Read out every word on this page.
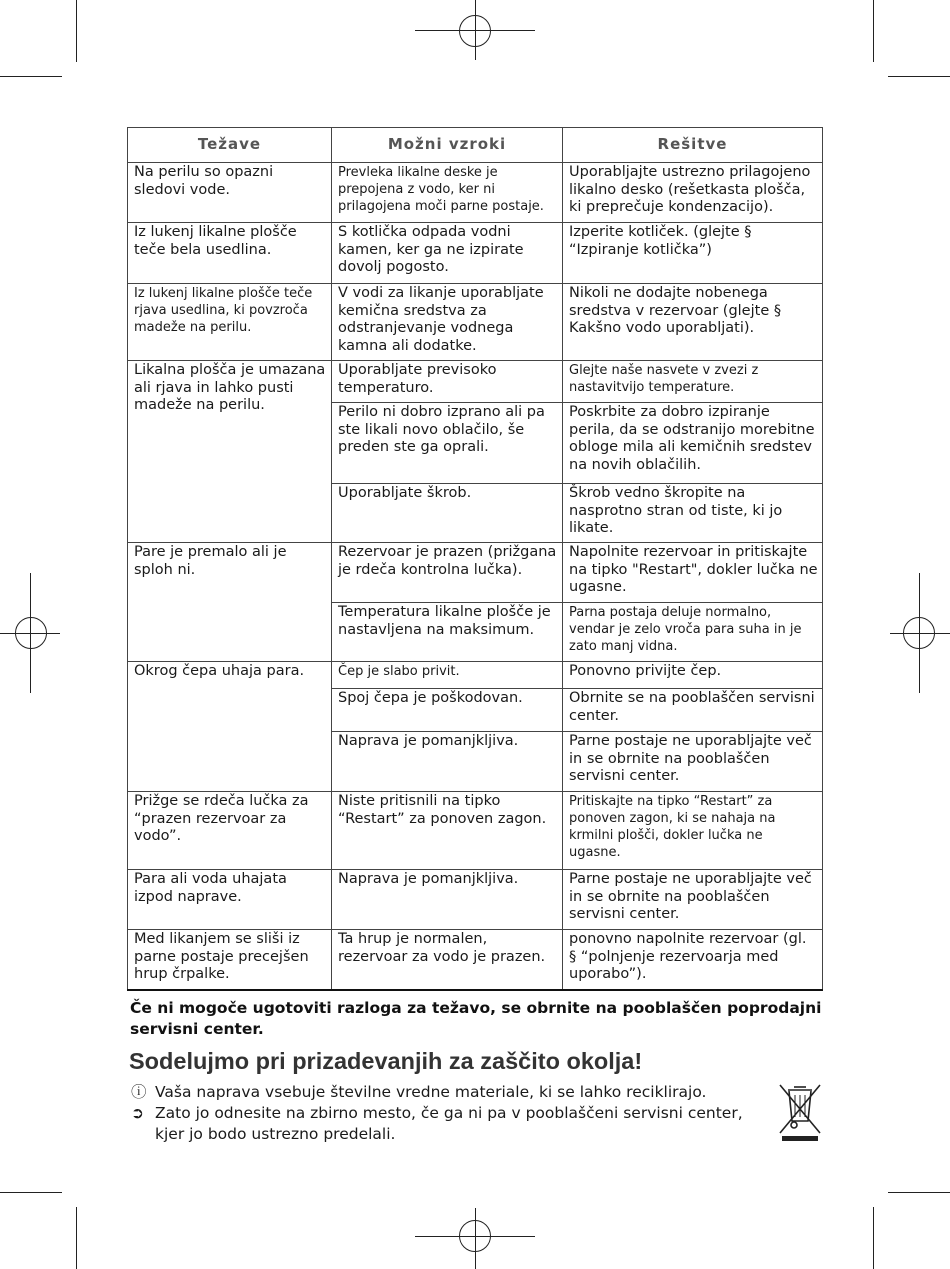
Težave	Možni vzroki	Rešitve
Na perilu so opazni sledovi vode.	Prevleka likalne deske je prepojena z vodo, ker ni prilagojena moči parne postaje.	Uporabljajte ustrezno prilagojeno likalno desko (rešetkasta plošča, ki preprečuje kondenzacijo).
Iz lukenj likalne plošče teče bela usedlina.	S kotlička odpada vodni kamen, ker ga ne izpirate dovolj pogosto.	Izperite kotliček. (glejte § “Izpiranje kotlička”)
Iz lukenj likalne plošče teče rjava usedlina, ki povzroča madeže na perilu.	V vodi za likanje uporabljate kemična sredstva za odstranjevanje vodnega kamna ali dodatke.	Nikoli ne dodajte nobenega sredstva v rezervoar (glejte § Kakšno vodo uporabljati).
Likalna plošča je umazana ali rjava in lahko pusti madeže na perilu.	Uporabljate previsoko temperaturo.	Glejte naše nasvete v zvezi z nastavitvijo temperature.
	Perilo ni dobro izprano ali pa ste likali novo oblačilo, še preden ste ga oprali.	Poskrbite za dobro izpiranje perila, da se odstranijo morebitne obloge mila ali kemičnih sredstev na novih oblačilih.
	Uporabljate škrob.	Škrob vedno škropite na nasprotno stran od tiste, ki jo likate.
Pare je premalo ali je sploh ni.	Rezervoar je prazen (prižgana je rdeča kontrolna lučka).	Napolnite rezervoar in pritiskajte na tipko "Restart", dokler lučka ne ugasne.
	Temperatura likalne plošče je nastavljena na maksimum.	Parna postaja deluje normalno, vendar je zelo vroča para suha in je zato manj vidna.
Okrog čepa uhaja para.	Čep je slabo privit.	Ponovno privijte čep.
	Spoj čepa je poškodovan.	Obrnite se na pooblaščen servisni center.
	Naprava je pomanjkljiva.	Parne postaje ne uporabljajte več in se obrnite na pooblaščen servisni center.
Prižge se rdeča lučka za “prazen rezervoar za vodo”.	Niste pritisnili na tipko “Restart” za ponoven zagon.	Pritiskajte na tipko “Restart” za ponoven zagon, ki se nahaja na krmilni plošči, dokler lučka ne ugasne.
Para ali voda uhajata izpod naprave.	Naprava je pomanjkljiva.	Parne postaje ne uporabljajte več in se obrnite na pooblaščen servisni center.
Med likanjem se sliši iz parne postaje precejšen hrup črpalke.	Ta hrup je normalen, rezervoar za vodo je prazen.	ponovno napolnite rezervoar (gl. § “polnjenje rezervoarja med uporabo”).
Če ni mogoče ugotoviti razloga za težavo, se obrnite na pooblaščen poprodajni servisni center.
Sodelujmo pri prizadevanjih za zaščito okolja!
ⓘ Vaša naprava vsebuje številne vredne materiale, ki se lahko reciklirajo.
➲ Zato jo odnesite na zbirno mesto, če ga ni pa v pooblaščeni servisni center, kjer jo bodo ustrezno predelali.
